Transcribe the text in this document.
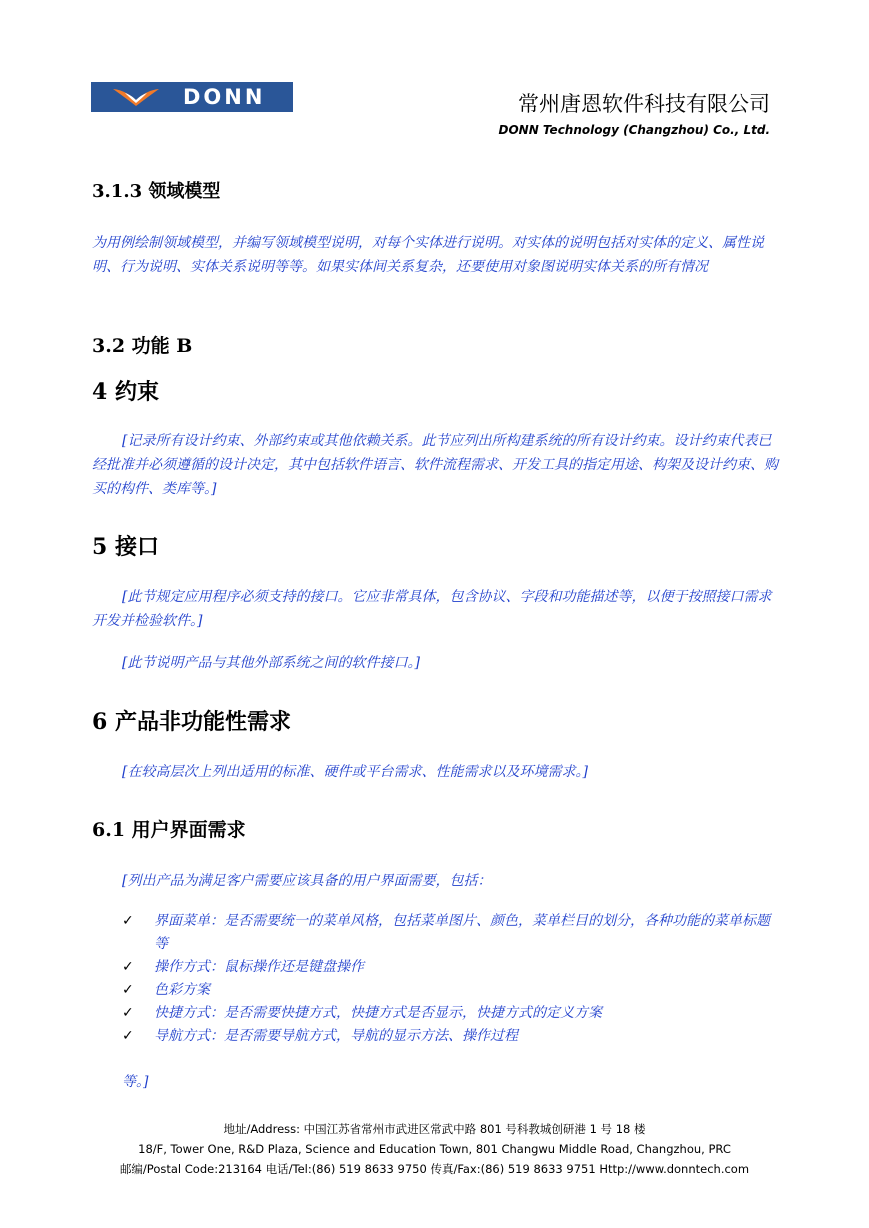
DONN	常州唐恩软件科技有限公司
DONN Technology (Changzhou) Co., Ltd.
3.1.3 领域模型

为用例绘制领域模型，并编写领域模型说明，对每个实体进行说明。对实体的说明包括对实体的定义、属性说明、行为说明、实体关系说明等等。如果实体间关系复杂，还要使用对象图说明实体关系的所有情况

3.2 功能 B
4 约束

[记录所有设计约束、外部约束或其他依赖关系。此节应列出所构建系统的所有设计约束。设计约束代表已经批准并必须遵循的设计决定，其中包括软件语言、软件流程需求、开发工具的指定用途、构架及设计约束、购买的构件、类库等。]

5 接口

[此节规定应用程序必须支持的接口。它应非常具体，包含协议、字段和功能描述等，以便于按照接口需求开发并检验软件。]

[此节说明产品与其他外部系统之间的软件接口。]

6 产品非功能性需求

[在较高层次上列出适用的标准、硬件或平台需求、性能需求以及环境需求。]

6.1 用户界面需求

[列出产品为满足客户需要应该具备的用户界面需要，包括：

✓ 界面菜单：是否需要统一的菜单风格，包括菜单图片、颜色，菜单栏目的划分，各种功能的菜单标题等
✓ 操作方式：鼠标操作还是键盘操作
✓ 色彩方案
✓ 快捷方式：是否需要快捷方式，快捷方式是否显示，快捷方式的定义方案
✓ 导航方式：是否需要导航方式，导航的显示方法、操作过程

等。]

地址/Address: 中国江苏省常州市武进区常武中路 801 号科教城创研港 1 号 18 楼
18/F, Tower One, R&D Plaza, Science and Education Town, 801 Changwu Middle Road, Changzhou, PRC
邮编/Postal Code:213164 电话/Tel:(86) 519 8633 9750 传真/Fax:(86) 519 8633 9751 Http://www.donntech.com
